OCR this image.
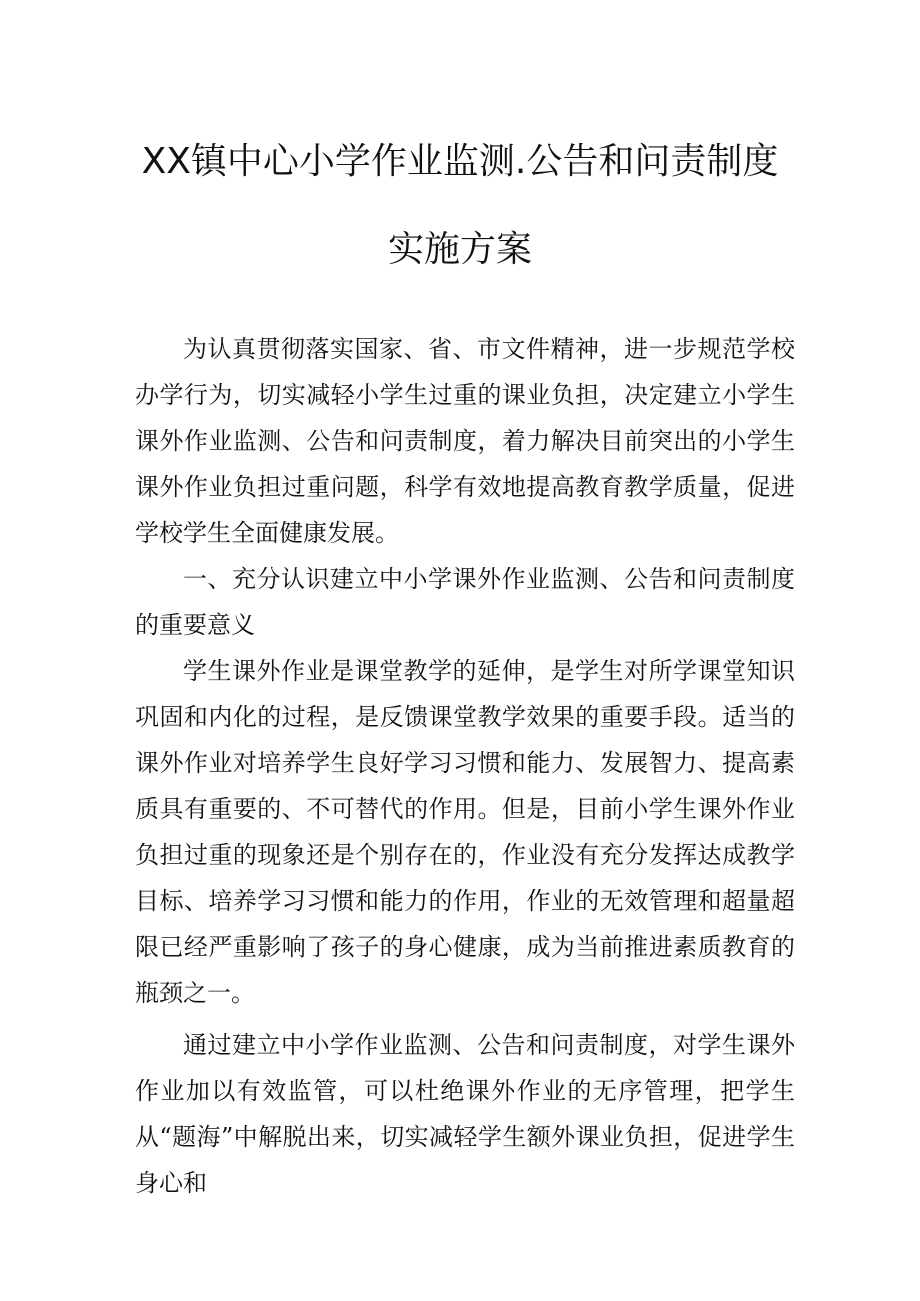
XX镇中心小学作业监测.公告和问责制度
实施方案

为认真贯彻落实国家、省、市文件精神，进一步规范学校办学行为，切实减轻小学生过重的课业负担，决定建立小学生课外作业监测、公告和问责制度，着力解决目前突出的小学生课外作业负担过重问题，科学有效地提高教育教学质量，促进学校学生全面健康发展。

一、充分认识建立中小学课外作业监测、公告和问责制度的重要意义

学生课外作业是课堂教学的延伸，是学生对所学课堂知识巩固和内化的过程，是反馈课堂教学效果的重要手段。适当的课外作业对培养学生良好学习习惯和能力、发展智力、提高素质具有重要的、不可替代的作用。但是，目前小学生课外作业负担过重的现象还是个别存在的，作业没有充分发挥达成教学目标、培养学习习惯和能力的作用，作业的无效管理和超量超限已经严重影响了孩子的身心健康，成为当前推进素质教育的瓶颈之一。

通过建立中小学作业监测、公告和问责制度，对学生课外作业加以有效监管，可以杜绝课外作业的无序管理，把学生从“题海”中解脱出来，切实减轻学生额外课业负担，促进学生身心和
